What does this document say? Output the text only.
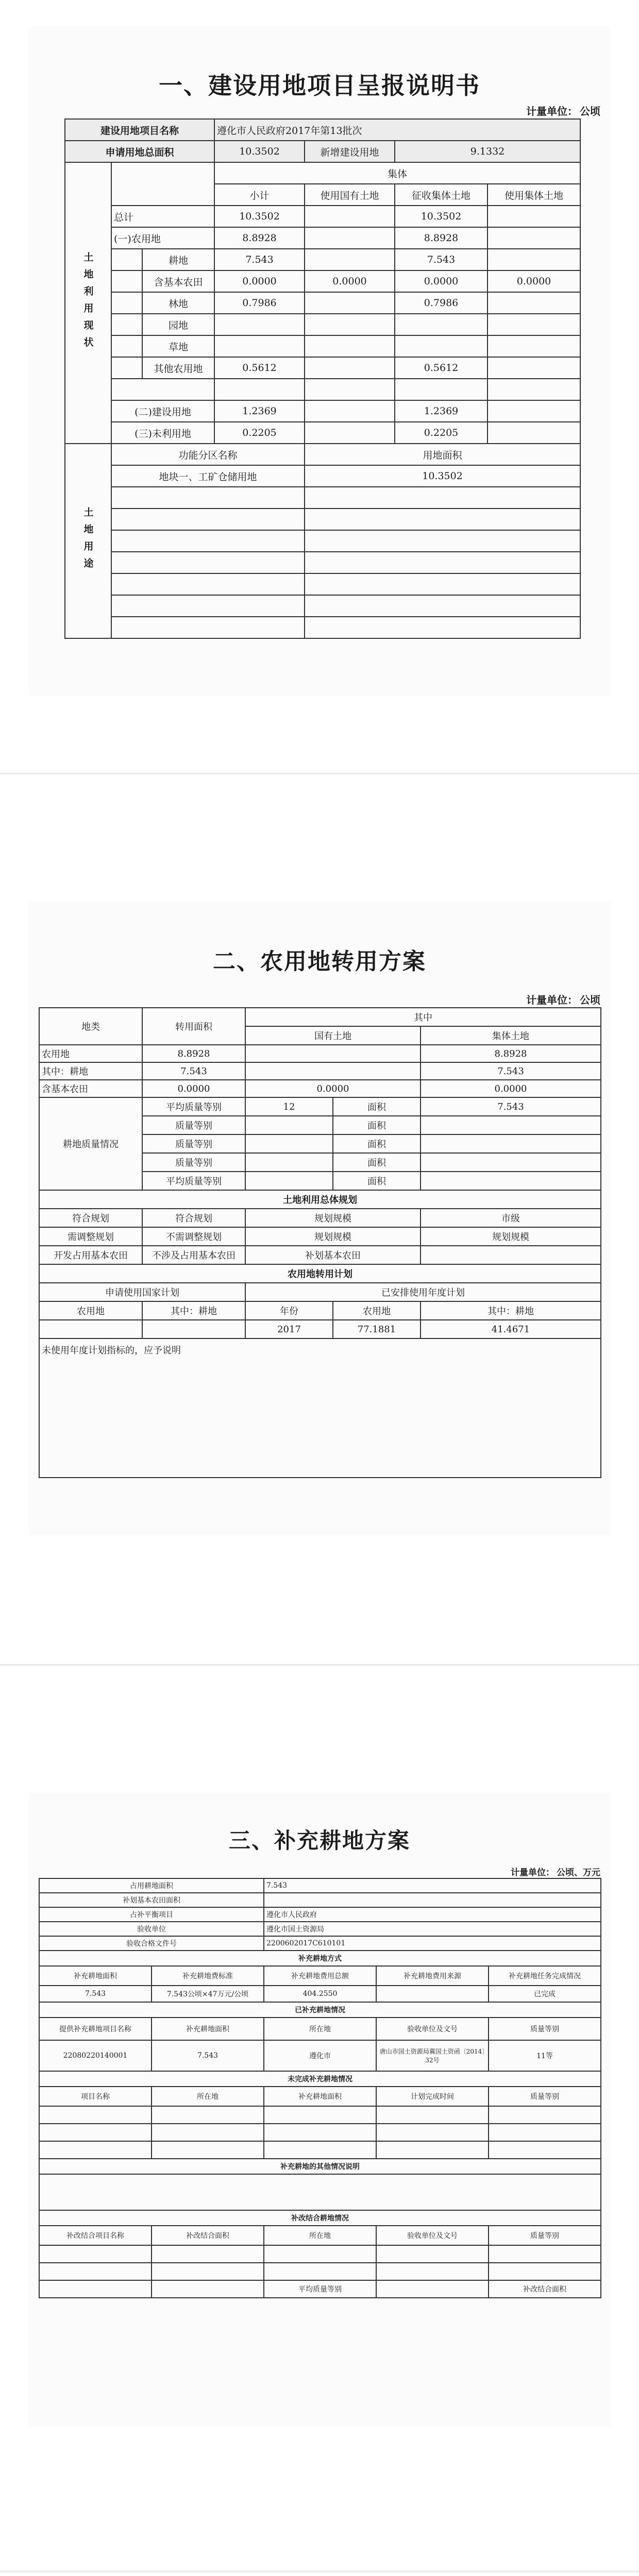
一、建设用地项目呈报说明书
计量单位： 公顷
建设用地项目名称			遵化市人民政府2017年第13批次			
申请用地总面积			10.3502	新增建设用地	9.1332	
土地利用现状			集体			
			小计	使用国有土地	征收集体土地	使用集体土地
	总计		10.3502		10.3502	
	(一)农用地		8.8928		8.8928	
		耕地	7.543		7.543	
		含基本农田	0.0000	0.0000	0.0000	0.0000
		林地	0.7986		0.7986	
		园地				
		草地				
		其他农用地	0.5612		0.5612	

	(二)建设用地		1.2369		1.2369	
	(三)未利用地		0.2205		0.2205	
土地用途	功能分区名称			用地面积		
	地块一、工矿仓储用地			10.3502		

二、农用地转用方案
计量单位： 公顷
地类	转用面积	其中		
		国有土地		集体土地
农用地	8.8928			8.8928
其中：耕地	7.543			7.543
含基本农田	0.0000	0.0000		0.0000
耕地质量情况	平均质量等别	12	面积	7.543
	质量等别		面积	
	质量等别		面积	
	质量等别		面积	
	平均质量等别		面积	
土地利用总体规划				
符合规划	符合规划	规划规模		市级
需调整规划	不需调整规划	规划规模		规划规模
开发占用基本农田	不涉及占用基本农田	补划基本农田		
农用地转用计划				
申请使用国家计划		已安排使用年度计划		
农用地	其中：耕地	年份	农用地	其中：耕地
		2017	77.1881	41.4671
未使用年度计划指标的，应予说明				
三、补充耕地方案
计量单位： 公顷、万元
占用耕地面积		7.543		
补划基本农田面积				
占补平衡项目		遵化市人民政府		
验收单位		遵化市国土资源局		
验收合格文件号		2200602017C610101		
补充耕地方式				
补充耕地面积	补充耕地费标准	补充耕地费用总额	补充耕地费用来源	补充耕地任务完成情况
7.543	7.543公顷×47万元/公顷	404.2550		已完成
已补充耕地情况				
提供补充耕地项目名称	补充耕地面积	所在地	验收单位及文号	质量等别
22080220140001	7.543	遵化市	唐山市国土资源局冀国土资函〔2014〕32号	11等
未完成补充耕地情况				
项目名称	所在地	补充耕地面积	计划完成时间	质量等别

补充耕地的其他情况说明				

补改结合耕地情况				
补改结合项目名称	补改结合面积	所在地	验收单位及文号	质量等别

		平均质量等别		补改结合面积
